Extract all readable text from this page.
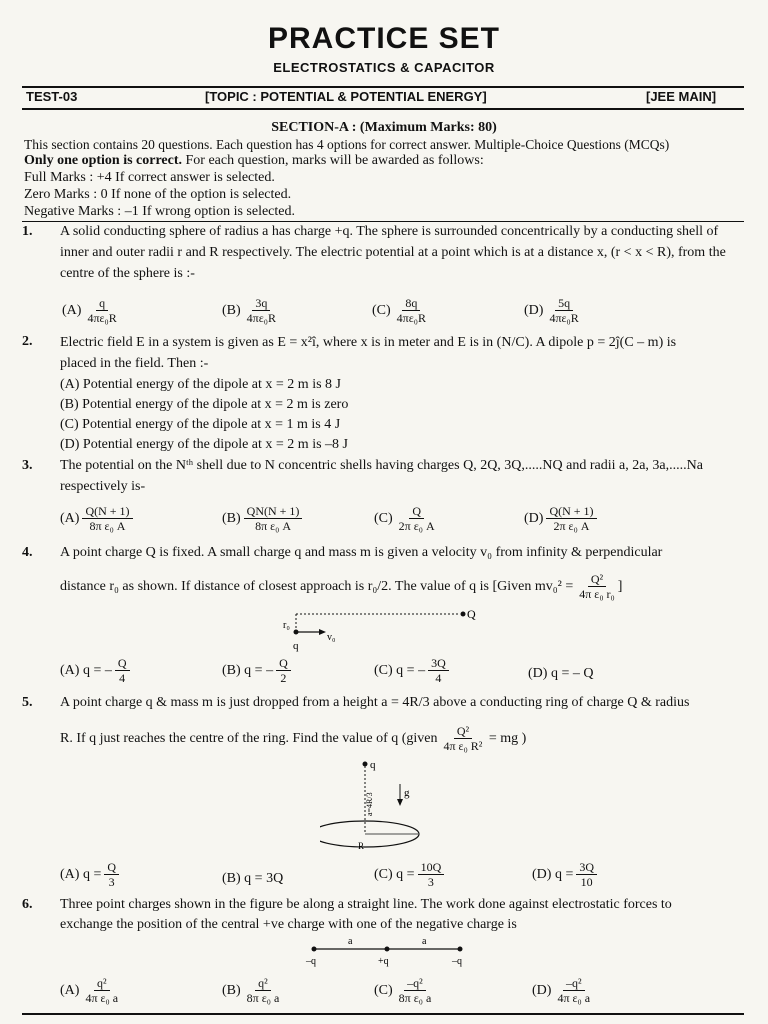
PRACTICE SET
ELECTROSTATICS & CAPACITOR
TEST-03	[TOPIC : POTENTIAL & POTENTIAL ENERGY]	[JEE MAIN]
SECTION-A : (Maximum Marks: 80)
This section contains 20 questions. Each question has 4 options for correct answer. Multiple-Choice Questions (MCQs)
Only one option is correct. For each question, marks will be awarded as follows:
Full Marks : +4 If correct answer is selected.
Zero Marks : 0 If none of the option is selected.
Negative Marks : –1 If wrong option is selected.
1. A solid conducting sphere of radius a has charge +q. The sphere is surrounded concentrically by a conducting shell of inner and outer radii r and R respectively. The electric potential at a point which is at a distance x, (r < x < R), from the centre of the sphere is :-
$(A) \frac{q}{\text{4πε₀R}}$	$(B) \frac{3q}{\text{4πε₀R}}$	$(C) \frac{8q}{\text{4πε₀R}}$	$(D) \frac{5q}{\text{4πε₀R}}$
2. Electric field E in a system is given as E = x²î, where x is in meter and E is in (N/C). A dipole p = 2ĵ(C – m) is
placed in the field. Then :-
(A) Potential energy of the dipole at x = 2 m is 8 J
(B) Potential energy of the dipole at x = 2 m is zero
(C) Potential energy of the dipole at x = 1 m is 4 J
(D) Potential energy of the dipole at x = 2 m is –8 J
3. The potential on the Nᵗʰ shell due to N concentric shells having charges Q, 2Q, 3Q,.....NQ and radii a, 2a, 3a,.....Na respectively is-
$(A) \frac{Q(N + 1)}{\text{8π ε₀ A}}$	$(B) \frac{QN(N + 1)}{\text{8π ε₀ A}}$	$(C) \frac{Q}{\text{2π ε₀ A}}$	$(D) \frac{Q(N + 1)}{\text{2π ε₀ A}}$
4. A point charge Q is fixed. A small charge q and mass m is given a velocity v₀ from infinity & perpendicular
distance r₀ as shown. If distance of closest approach is r₀/2. The value of q is [Given
$mv_0^2 = \frac{\text{Q²}}{\text{4π ε₀ r₀}}$ ]
r₀
q
v₀
Q
(A)
q = – $\frac{Q}{4}$	(B)
q = – $\frac{Q}{2}$	(C)
q = – $\frac{3Q}{4}$	(D)
q = – Q
5. A point charge q & mass m is just dropped from a height a = 4R/3 above a conducting ring of charge Q & radius
R. If q just reaches the centre of the ring. Find the value of q (given $\frac{\text{Q²}}{\text{4π ε₀ R²}}$
= mg )
q
a=4R/3	g
R
(A)
$q = \frac{Q}{3}$	(B)
q = 3Q	(C)
$q = \frac{10Q}{3}$	(D)
$q = \frac{3Q}{10}$
6. Three point charges shown in the figure be along a straight line. The work done against electrostatic forces to
exchange the position of the central +ve charge with one of the negative charge is
a	a
–q	+q	–q
$(A) \frac{\text{q²}}{\text{4π ε₀ a}}$	$(B) \frac{\text{q²}}{\text{8π ε₀ a}}$	$(C) \frac{\text{–q²}}{\text{8π ε₀ a}}$	$(D) \frac{\text{–q²}}{\text{4π ε₀ a}}$
